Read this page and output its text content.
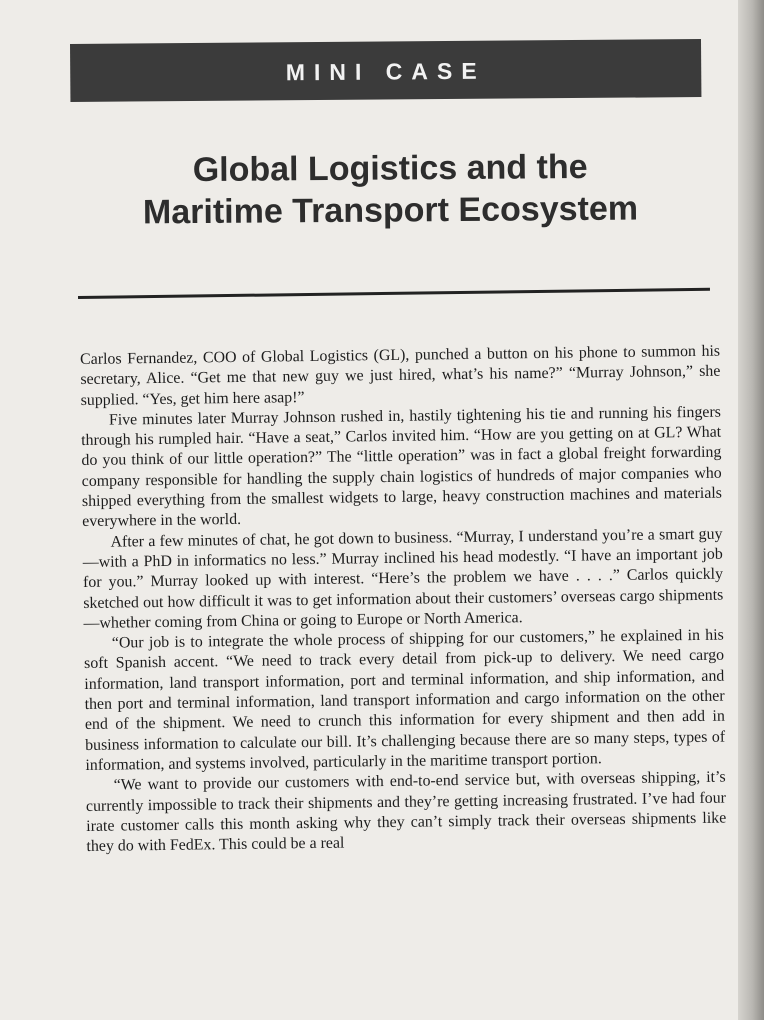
MINI CASE
Global Logistics and the
Maritime Transport Ecosystem

Carlos Fernandez, COO of Global Logistics (GL), punched a button on his phone to summon his secretary, Alice. “Get me that new guy we just hired, what’s his name?” “Murray Johnson,” she supplied. “Yes, get him here asap!”

Five minutes later Murray Johnson rushed in, hastily tightening his tie and running his fingers through his rumpled hair. “Have a seat,” Carlos invited him. “How are you getting on at GL? What do you think of our little operation?” The “little operation” was in fact a global freight forwarding company responsible for handling the supply chain logistics of hundreds of major companies who shipped everything from the smallest widgets to large, heavy construction machines and materials everywhere in the world.

After a few minutes of chat, he got down to business. “Murray, I understand you’re a smart guy—with a PhD in informatics no less.” Murray inclined his head modestly. “I have an important job for you.” Murray looked up with interest. “Here’s the problem we have . . . .” Carlos quickly sketched out how difficult it was to get information about their customers’ overseas cargo shipments—whether coming from China or going to Europe or North America.

“Our job is to integrate the whole process of shipping for our customers,” he explained in his soft Spanish accent. “We need to track every detail from pick-up to delivery. We need cargo information, land transport information, port and terminal information, and ship information, and then port and terminal information, land transport information and cargo information on the other end of the shipment. We need to crunch this information for every shipment and then add in business information to calculate our bill. It’s challenging because there are so many steps, types of information, and systems involved, particularly in the maritime transport portion.

“We want to provide our customers with end-to-end service but, with overseas shipping, it’s currently impossible to track their shipments and they’re getting increasing frustrated. I’ve had four irate customer calls this month asking why they can’t simply track their overseas shipments like they do with FedEx. This could be a real
